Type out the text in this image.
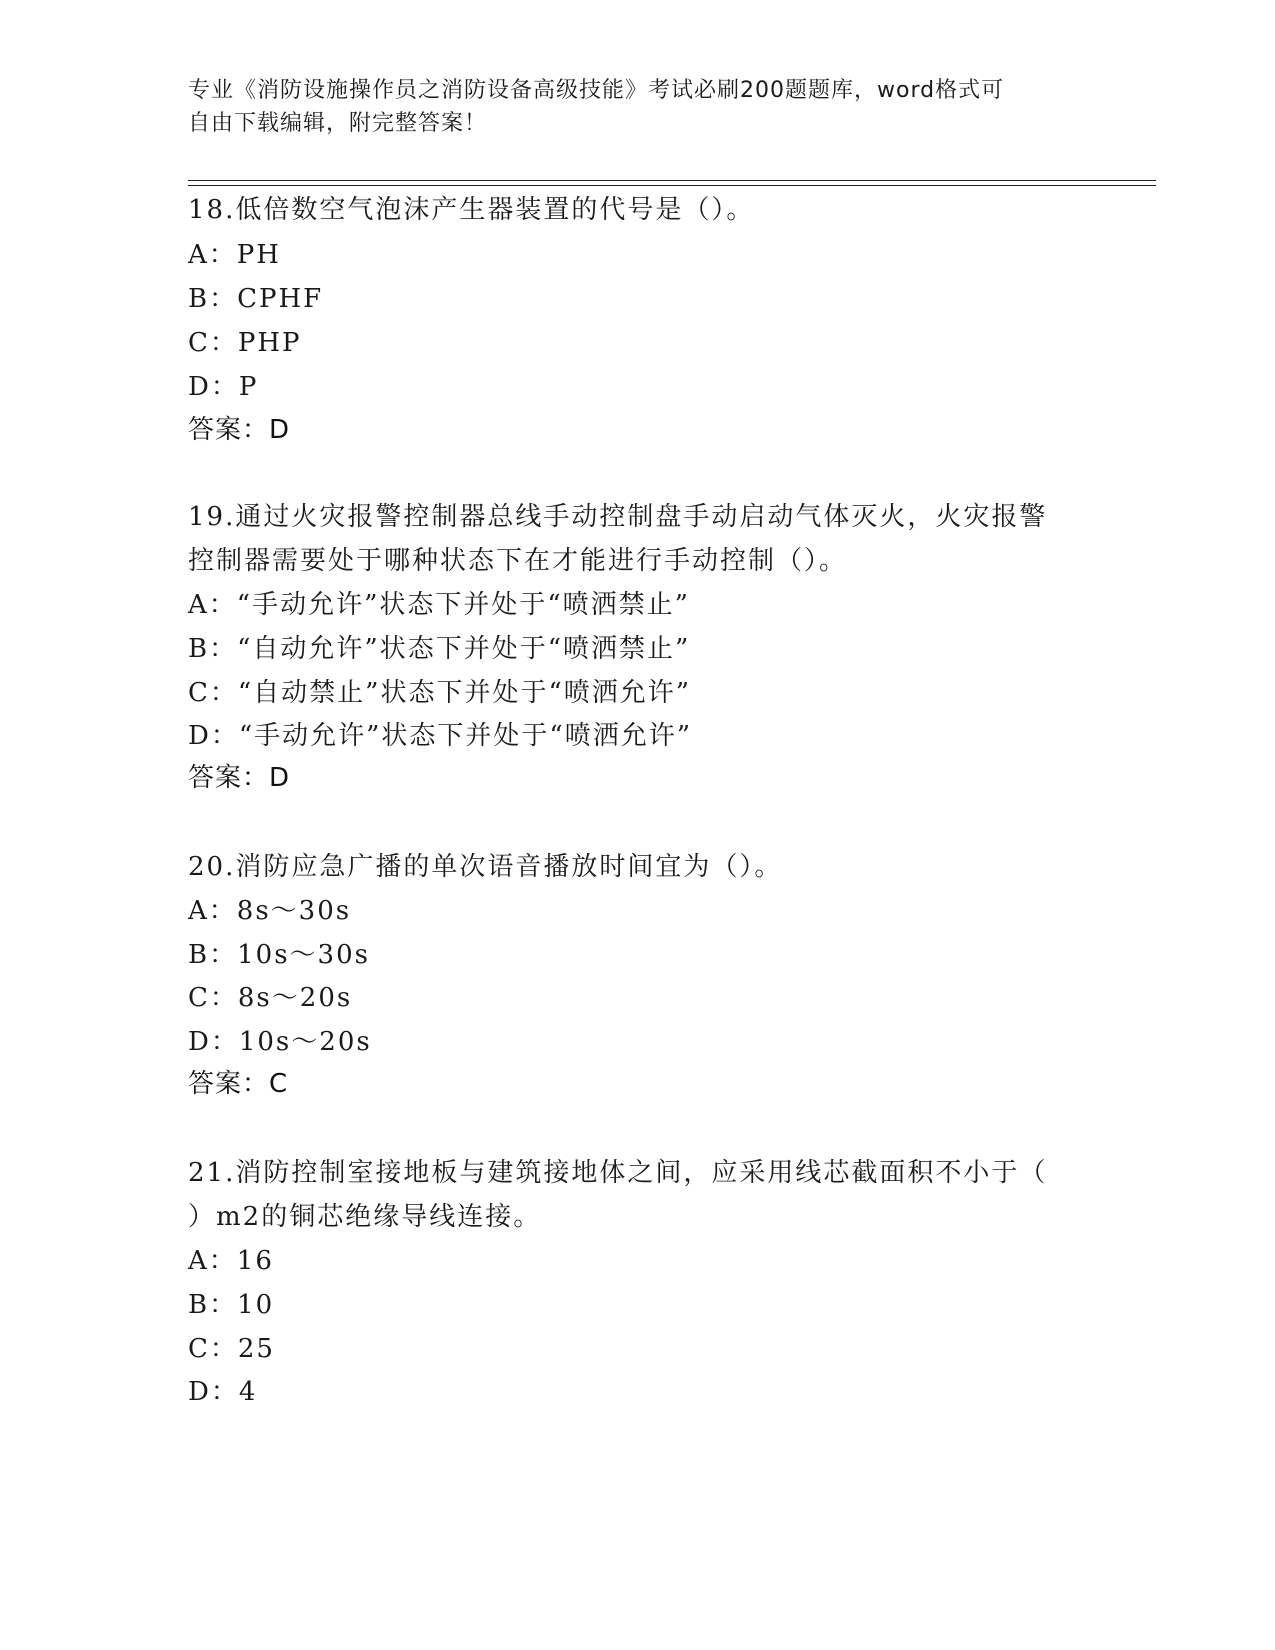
专业《消防设施操作员之消防设备高级技能》考试必刷200题题库，word格式可
自由下载编辑，附完整答案！
18.低倍数空气泡沫产生器装置的代号是（）。
A：PH
B：CPHF
C：PHP
D：P
答案：D
19.通过火灾报警控制器总线手动控制盘手动启动气体灭火，火灾报警
控制器需要处于哪种状态下在才能进行手动控制（）。
A：“手动允许”状态下并处于“喷洒禁止”
B：“自动允许”状态下并处于“喷洒禁止”
C：“自动禁止”状态下并处于“喷洒允许”
D：“手动允许”状态下并处于“喷洒允许”
答案：D
20.消防应急广播的单次语音播放时间宜为（）。
A：8s～30s
B：10s～30s
C：8s～20s
D：10s～20s
答案：C
21.消防控制室接地板与建筑接地体之间，应采用线芯截面积不小于（
）m2的铜芯绝缘导线连接。
A：16
B：10
C：25
D：4
